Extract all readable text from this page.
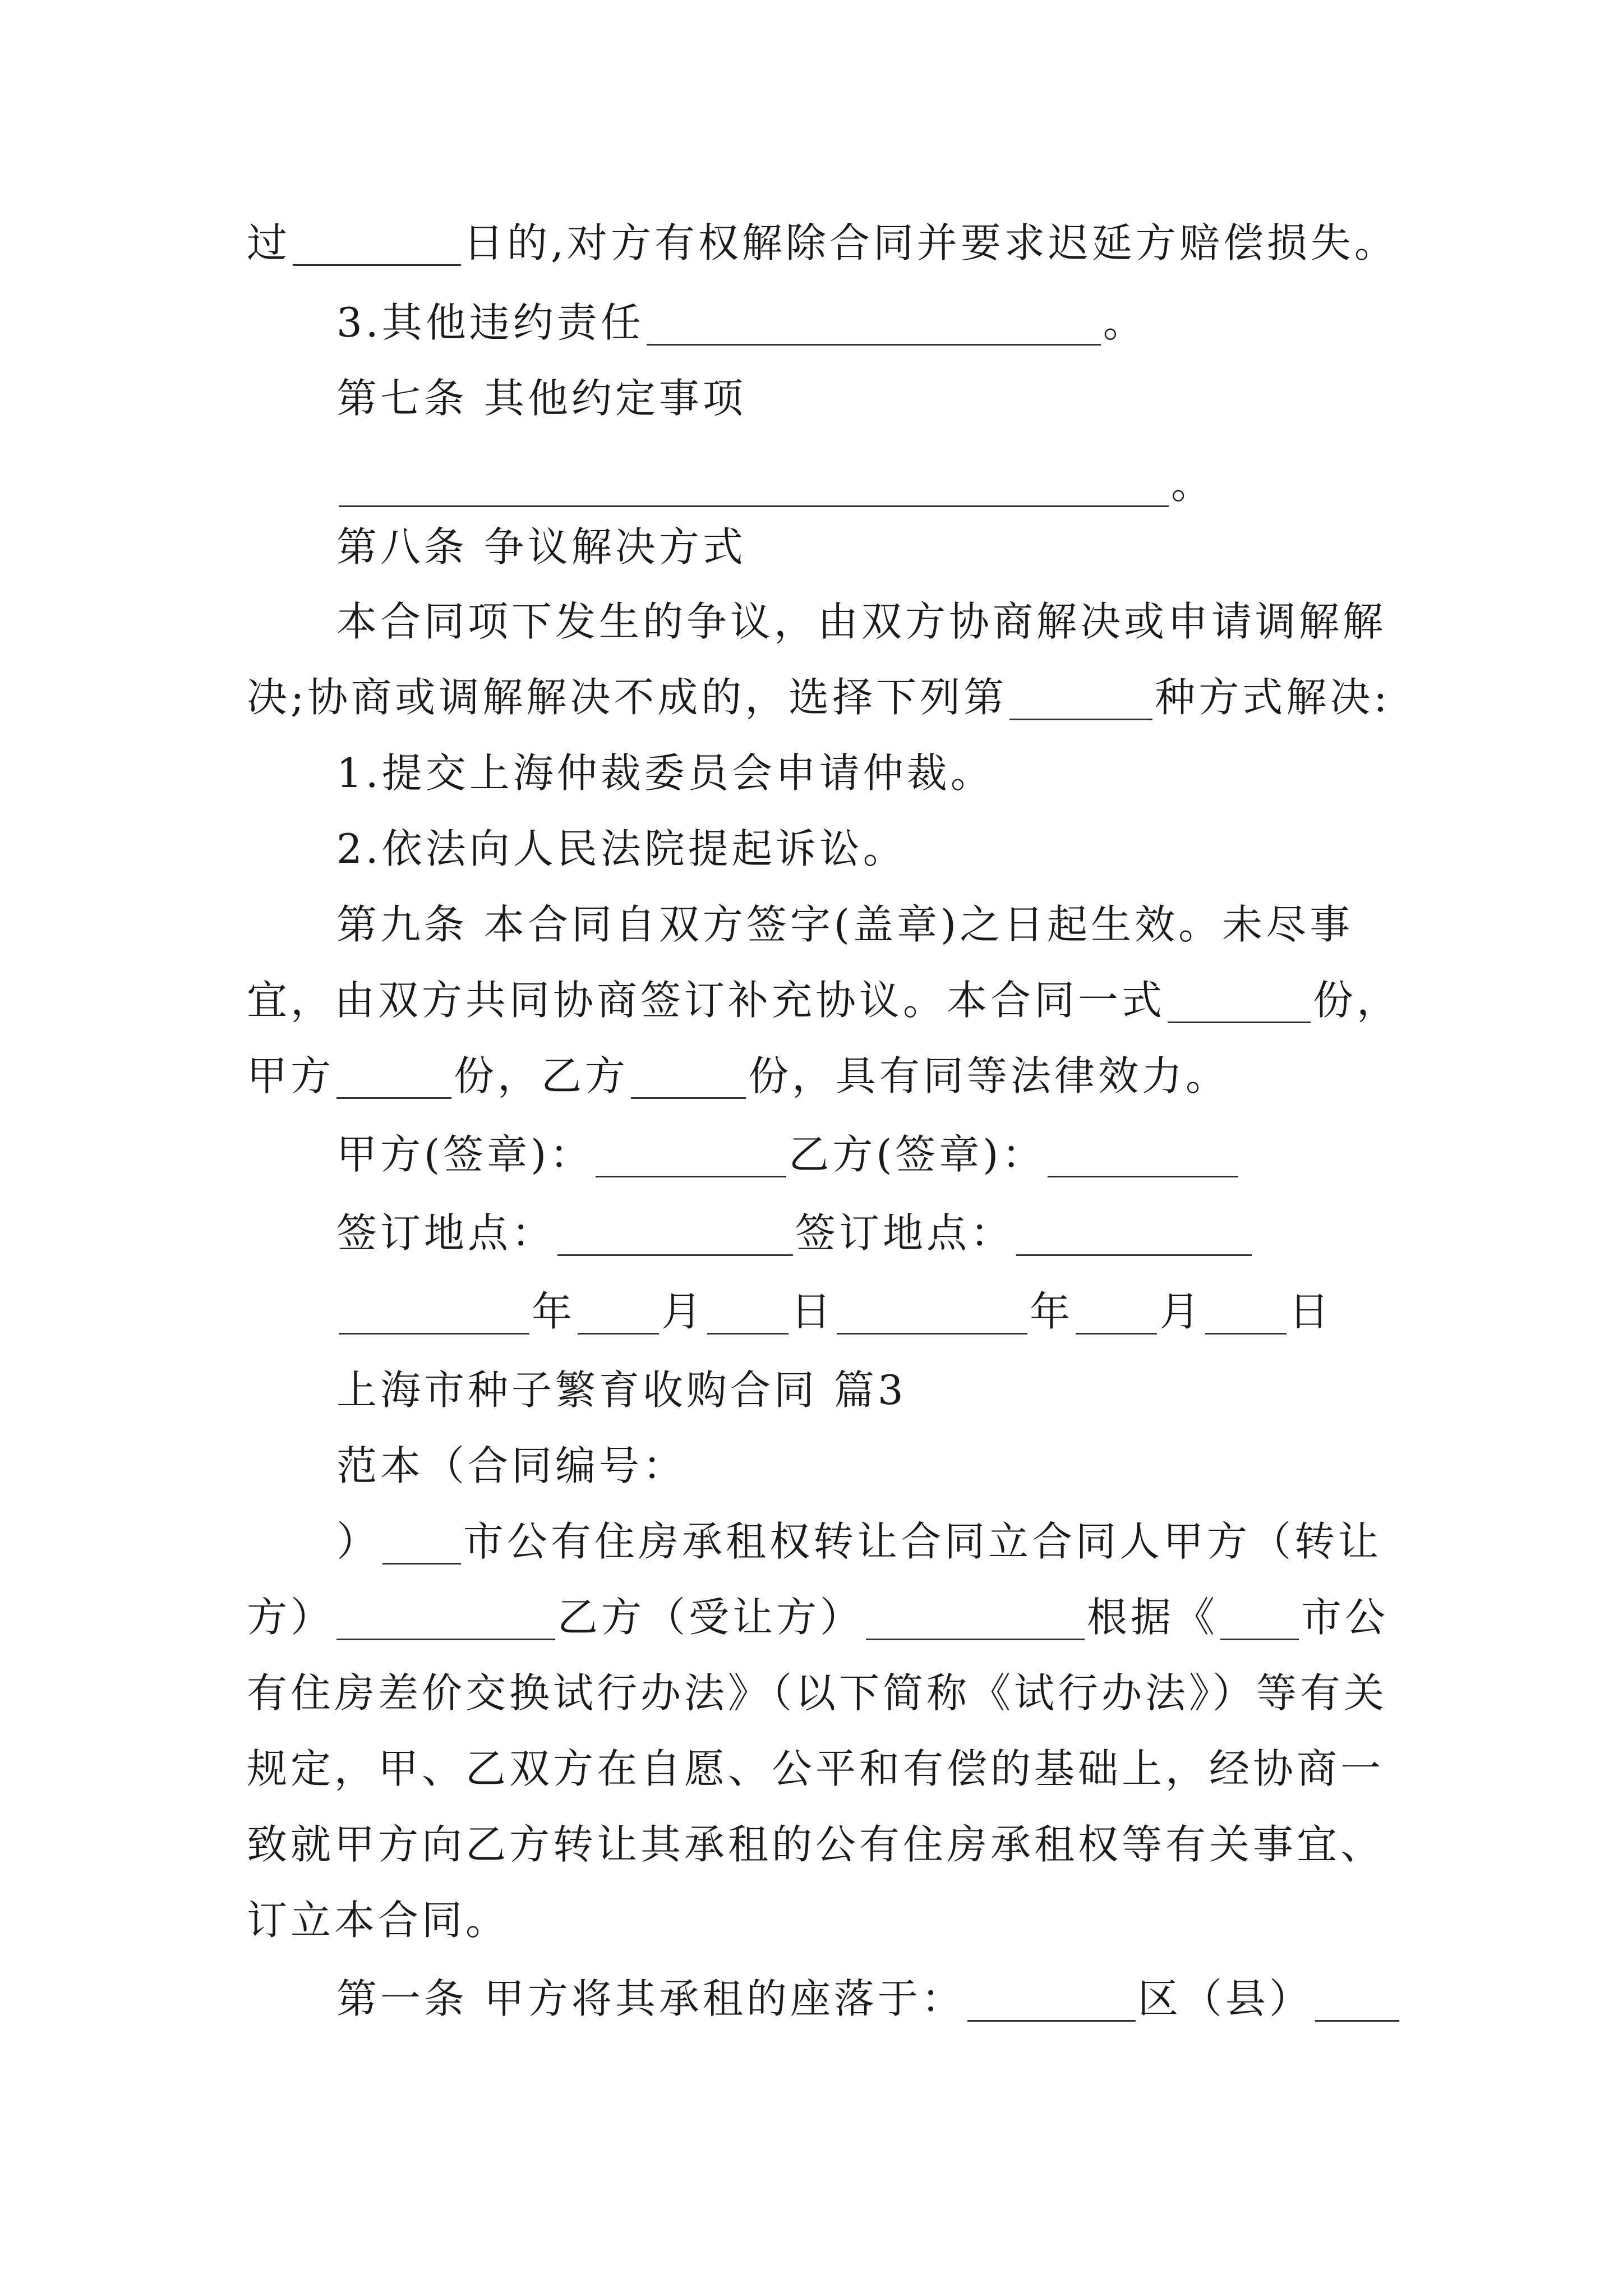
过	日的,对方有权解除合同并要求迟延方赔偿损失。
3.其他违约责任	。
第七条 其他约定事项
。
第八条 争议解决方式
本合同项下发生的争议，由双方协商解决或申请调解解
决;协商或调解解决不成的，选择下列第	种方式解决:
1.提交上海仲裁委员会申请仲裁。
2.依法向人民法院提起诉讼。
第九条 本合同自双方签字(盖章)之日起生效。未尽事
宜，由双方共同协商签订补充协议。本合同一式	份，
甲方	份，乙方	份，具有同等法律效力。
甲方(签章)：	乙方(签章)：
签订地点：	签订地点：
年 月 日	年 月 日
上海市种子繁育收购合同 篇3
范本（合同编号：
） 市公有住房承租权转让合同立合同人甲方（转让
方）	乙方（受让方）	根据《 市公
有住房差价交换试行办法》（以下简称《试行办法》）等有关
规定，甲、乙双方在自愿、公平和有偿的基础上，经协商一
致就甲方向乙方转让其承租的公有住房承租权等有关事宜、
订立本合同。
第一条 甲方将其承租的座落于：	区（县）
